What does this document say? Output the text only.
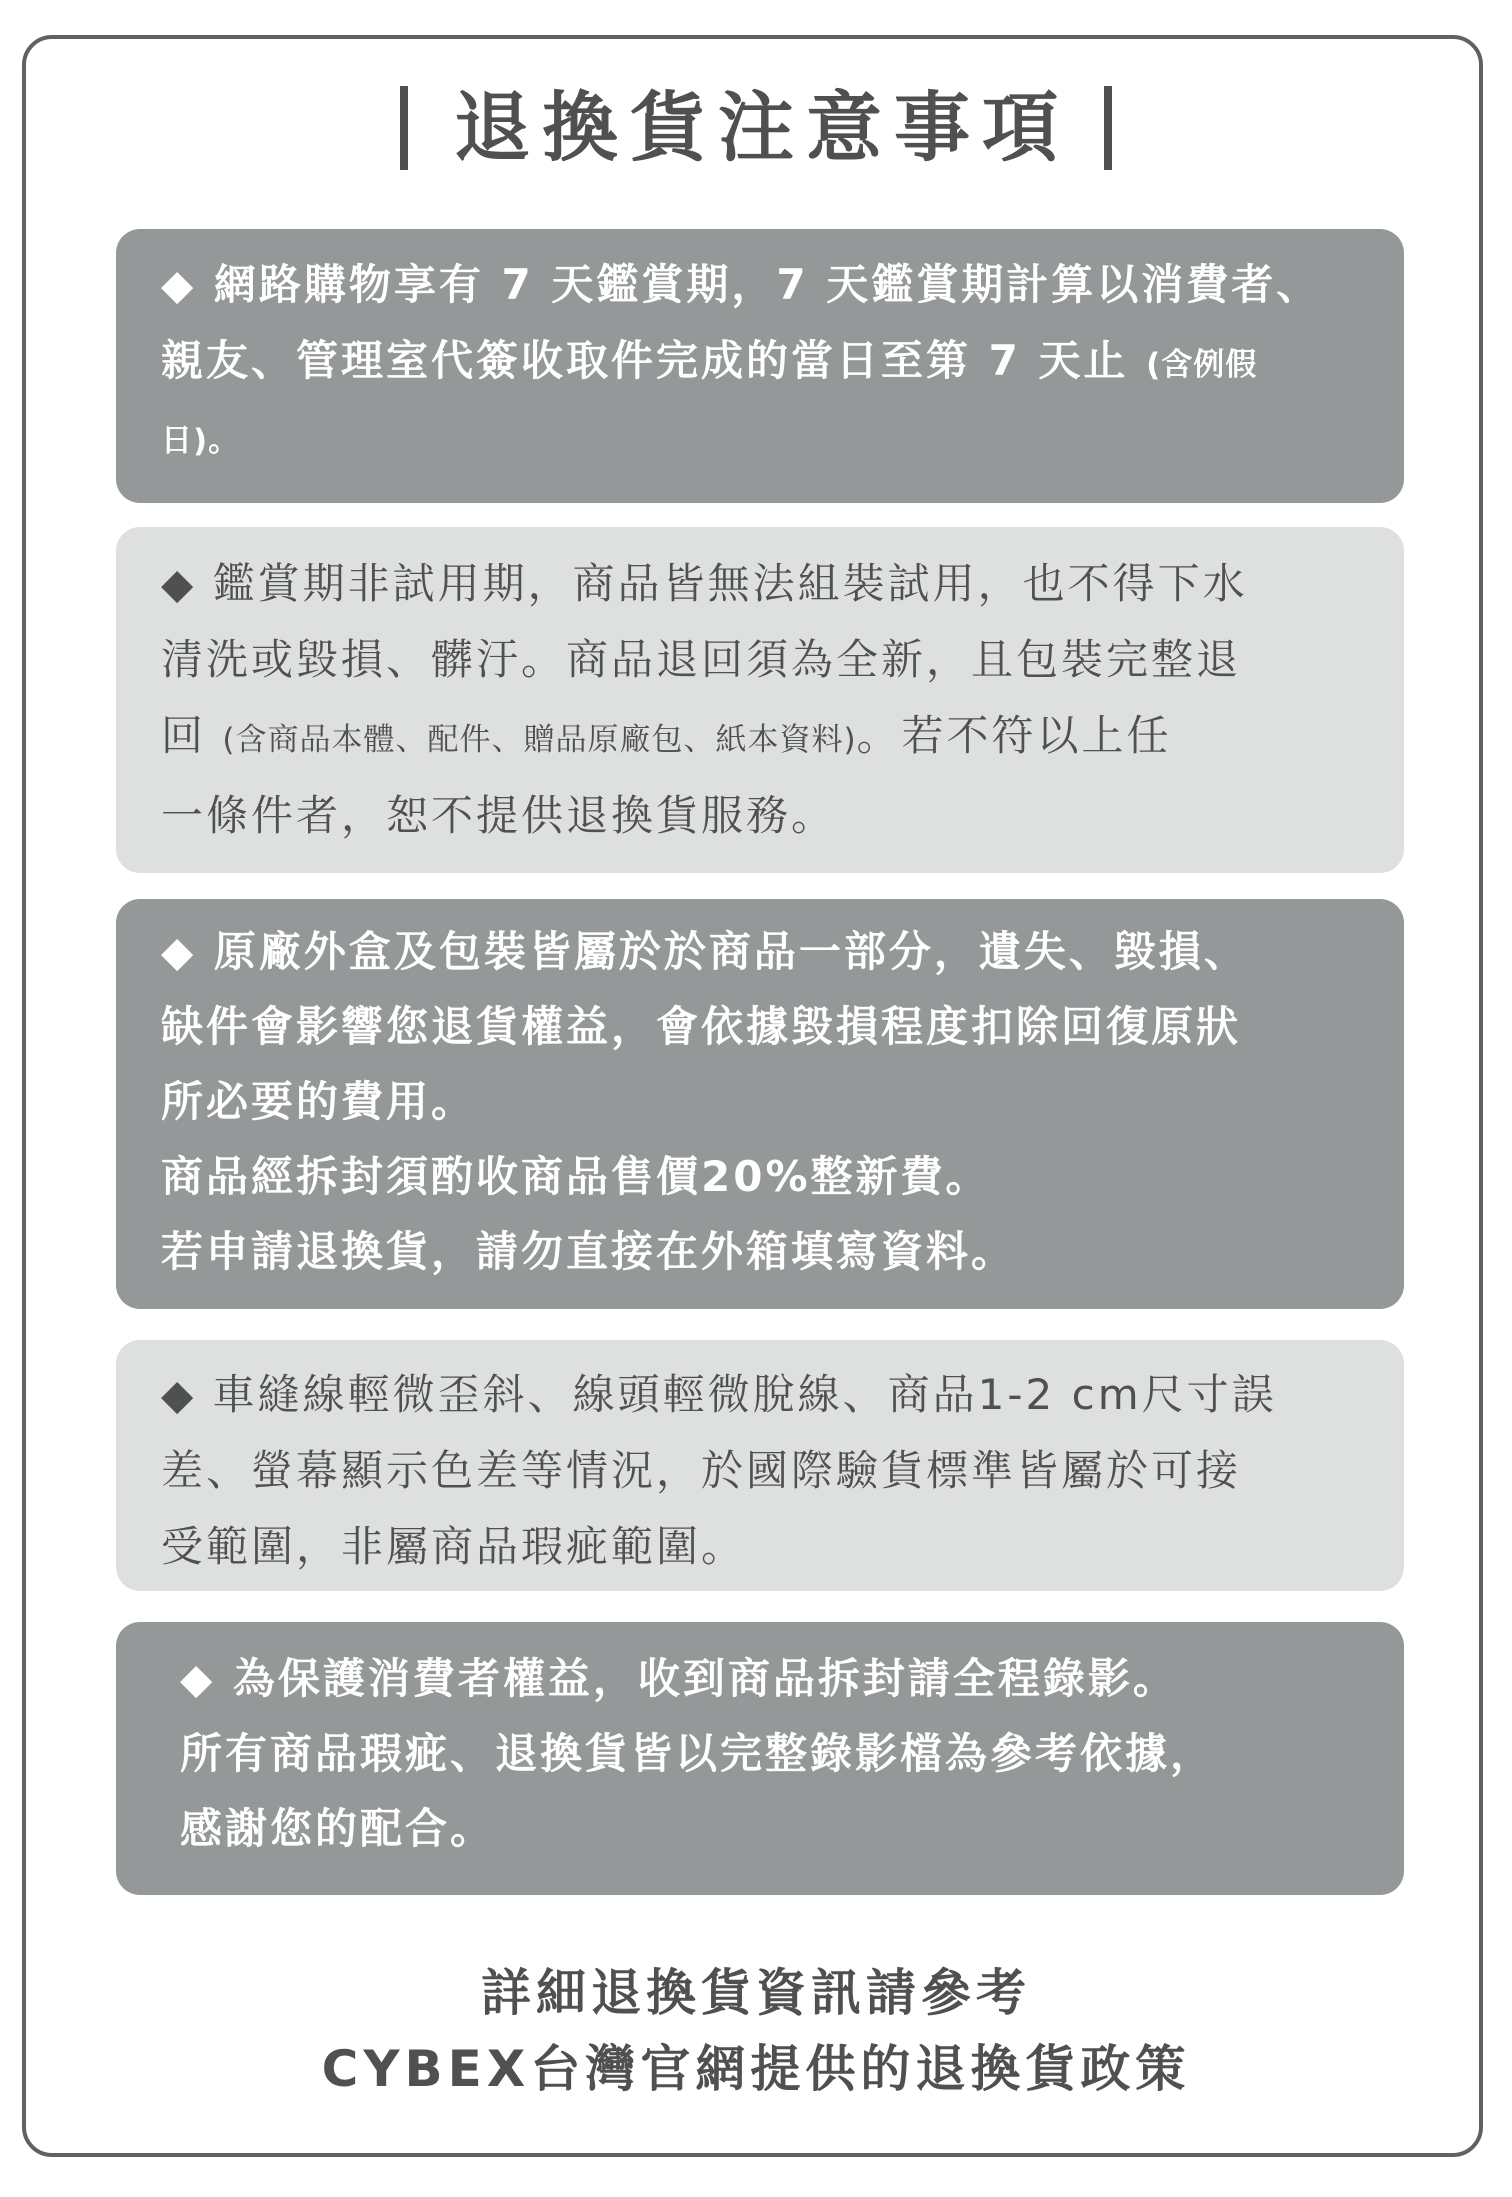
退換貨注意事項
◆ 網路購物享有 7 天鑑賞期，7 天鑑賞期計算以消費者、
親友、管理室代簽收取件完成的當日至第 7 天止 (含例假
日)。
◆ 鑑賞期非試用期，商品皆無法組裝試用，也不得下水
清洗或毀損、髒汙。商品退回須為全新，且包裝完整退
回 (含商品本體、配件、贈品原廠包、紙本資料)。若不符以上任
一條件者，恕不提供退換貨服務。
◆ 原廠外盒及包裝皆屬於於商品一部分，遺失、毀損、
缺件會影響您退貨權益，會依據毀損程度扣除回復原狀
所必要的費用。
商品經拆封須酌收商品售價20%整新費。
若申請退換貨，請勿直接在外箱填寫資料。
◆ 車縫線輕微歪斜、線頭輕微脫線、商品1-2 cm尺寸誤
差、螢幕顯示色差等情況，於國際驗貨標準皆屬於可接
受範圍，非屬商品瑕疵範圍。
◆ 為保護消費者權益，收到商品拆封請全程錄影。
所有商品瑕疵、退換貨皆以完整錄影檔為參考依據，
感謝您的配合。
詳細退換貨資訊請參考
CYBEX台灣官網提供的退換貨政策
